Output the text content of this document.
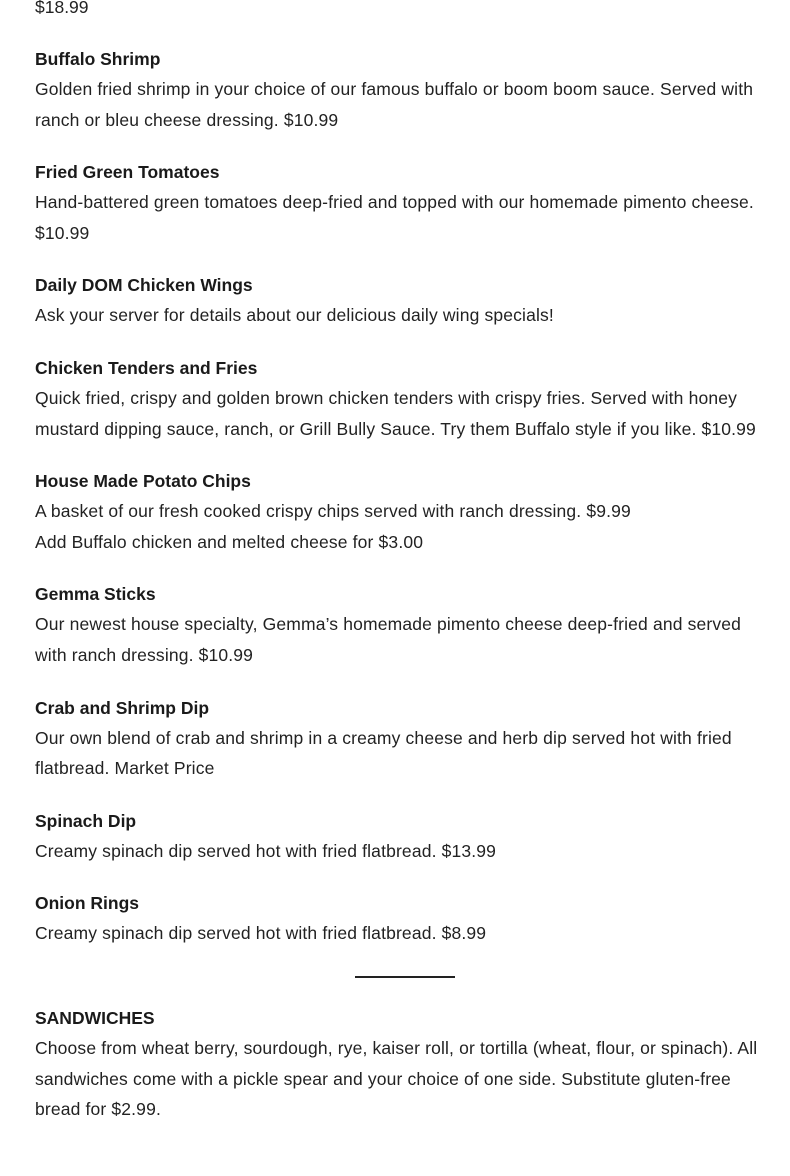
$18.99

Buffalo Shrimp

Golden fried shrimp in your choice of our famous buffalo or boom boom sauce. Served with ranch or bleu cheese dressing. $10.99

Fried Green Tomatoes

Hand-battered green tomatoes deep-fried and topped with our homemade pimento cheese. $10.99

Daily DOM Chicken Wings

Ask your server for details about our delicious daily wing specials!

Chicken Tenders and Fries

Quick fried, crispy and golden brown chicken tenders with crispy fries. Served with honey mustard dipping sauce, ranch, or Grill Bully Sauce. Try them Buffalo style if you like. $10.99

House Made Potato Chips

A basket of our fresh cooked crispy chips served with ranch dressing. $9.99

Add Buffalo chicken and melted cheese for $3.00

Gemma Sticks

Our newest house specialty, Gemma’s homemade pimento cheese deep-fried and served with ranch dressing. $10.99

Crab and Shrimp Dip

Our own blend of crab and shrimp in a creamy cheese and herb dip served hot with fried flatbread. Market Price

Spinach Dip

Creamy spinach dip served hot with fried flatbread. $13.99

Onion Rings

Creamy spinach dip served hot with fried flatbread. $8.99

SANDWICHES

Choose from wheat berry, sourdough, rye, kaiser roll, or tortilla (wheat, flour, or spinach). All sandwiches come with a pickle spear and your choice of one side. Substitute gluten-free bread for $2.99.
